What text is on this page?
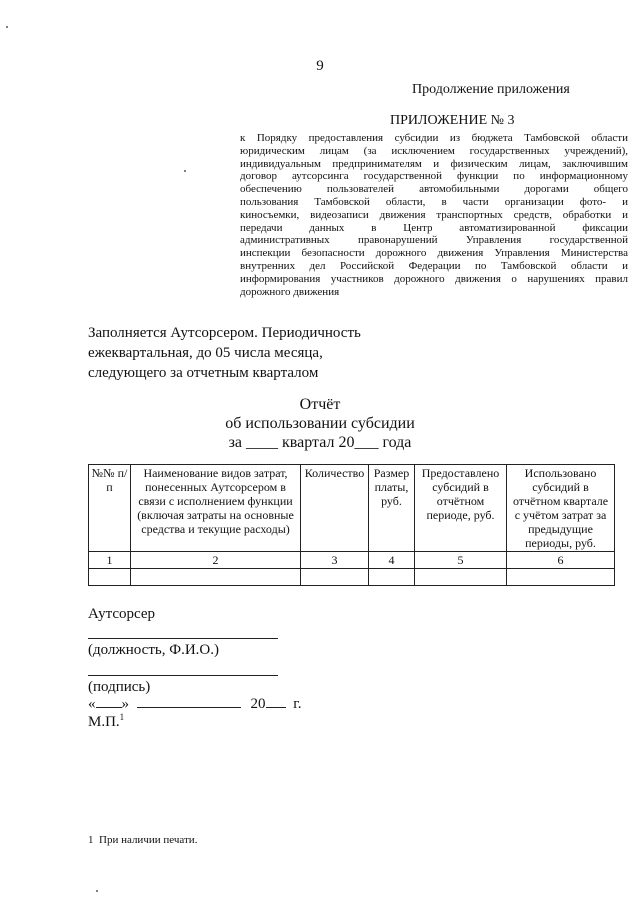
9
Продолжение приложения
ПРИЛОЖЕНИЕ № 3
к Порядку предоставления субсидии из бюджета Тамбовской области
юридическим лицам (за исключением государственных учреждений),
индивидуальным предпринимателям и физическим лицам, заключившим
договор аутсорсинга государственной функции по информационному
обеспечению пользователей автомобильными дорогами общего
пользования Тамбовской области, в части организации фото- и
киносъемки, видеозаписи движения транспортных средств, обработки и
передачи данных в Центр автоматизированной фиксации
административных правонарушений Управления государственной
инспекции безопасности дорожного движения Управления Министерства
внутренних дел Российской Федерации по Тамбовской области и
информирования участников дорожного движения о нарушениях правил
дорожного движения
Заполняется Аутсорсером. Периодичность
ежеквартальная, до 05 числа месяца,
следующего за отчетным кварталом
Отчёт
об использовании субсидии
за ____ квартал 20___ года
№№ п/п	Наименование видов затрат, понесенных Аутсорсером в связи с исполнением функции (включая затраты на основные средства и текущие расходы)	Количество	Размер платы, руб.	Предоставлено субсидий в отчётном периоде, руб.	Использовано субсидий в отчётном квартале с учётом затрат за предыдущие периоды, руб.
1	2	3	4	5	6

Аутсорсер
(должность, Ф.И.О.)
(подпись)
« »	20 г.
М.П.$^1$
1 При наличии печати.
